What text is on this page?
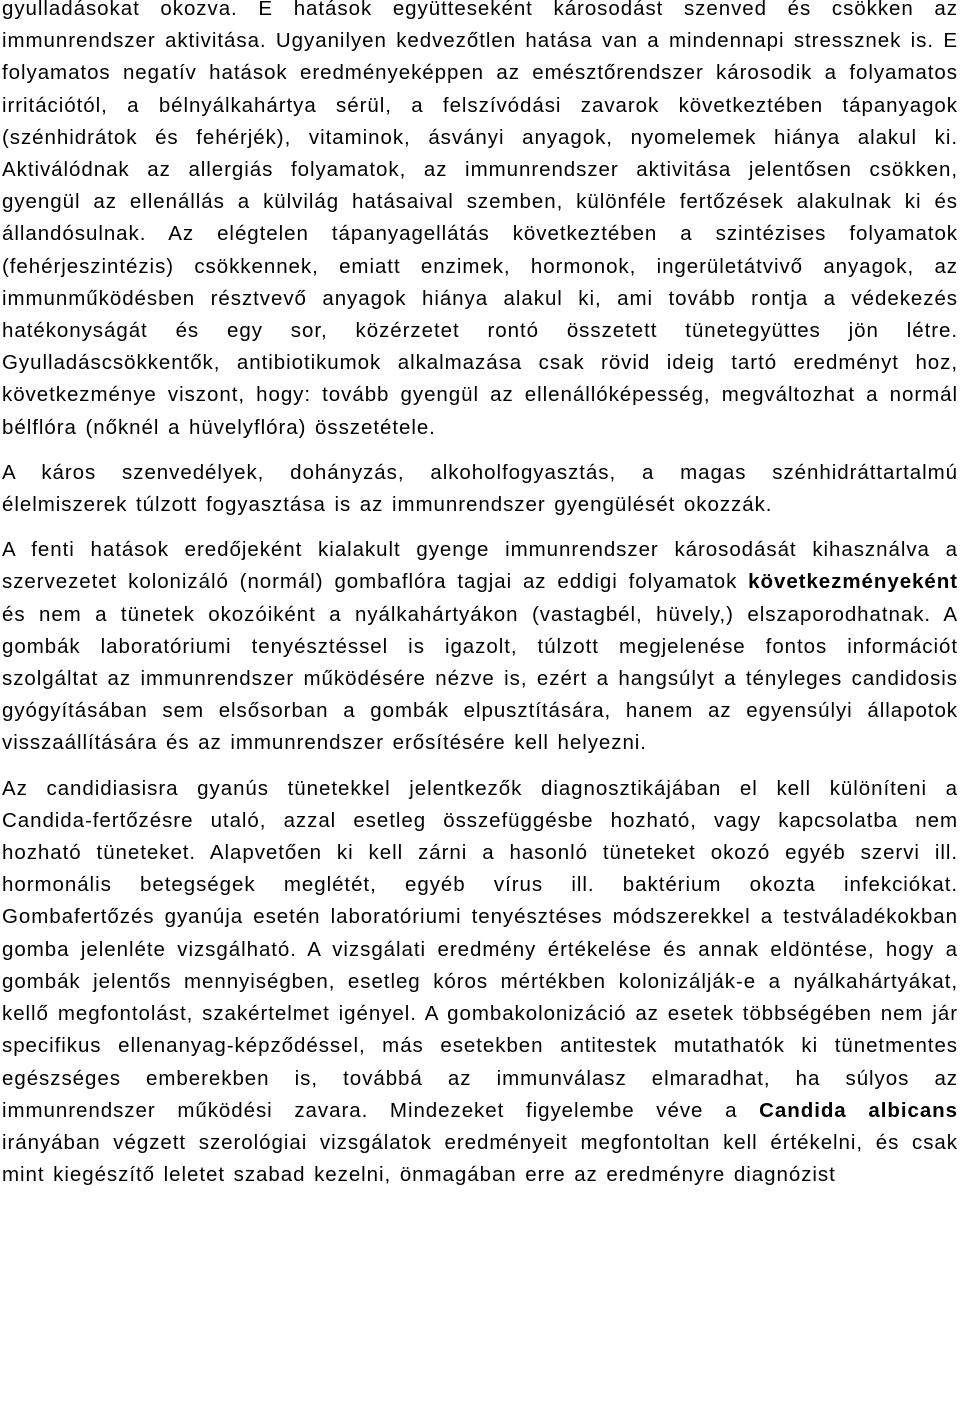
gyulladásokat okozva. E hatások együtteseként károsodást szenved és csökken az immunrendszer aktivitása. Ugyanilyen kedvezőtlen hatása van a mindennapi stressznek is. E folyamatos negatív hatások eredményeképpen az emésztőrendszer károsodik a folyamatos irritációtól, a bélnyálkahártya sérül, a felszívódási zavarok következtében tápanyagok (szénhidrátok és fehérjék), vitaminok, ásványi anyagok, nyomelemek hiánya alakul ki. Aktiválódnak az allergiás folyamatok, az immunrendszer aktivitása jelentősen csökken, gyengül az ellenállás a külvilág hatásaival szemben, különféle fertőzések alakulnak ki és állandósulnak. Az elégtelen tápanyagellátás következtében a szintézises folyamatok (fehérjeszintézis) csökkennek, emiatt enzimek, hormonok, ingerületátvivő anyagok, az immunműködésben résztvevő anyagok hiánya alakul ki, ami tovább rontja a védekezés hatékonyságát és egy sor, közérzetet rontó összetett tünetegyüttes jön létre. Gyulladáscsökkentők, antibiotikumok alkalmazása csak rövid ideig tartó eredményt hoz, következménye viszont, hogy: tovább gyengül az ellenállóképesség, megváltozhat a normál bélflóra (nőknél a hüvelyflóra) összetétele.

A káros szenvedélyek, dohányzás, alkoholfogyasztás, a magas szénhidráttartalmú élelmiszerek túlzott fogyasztása is az immunrendszer gyengülését okozzák.

A fenti hatások eredőjeként kialakult gyenge immunrendszer károsodását kihasználva a szervezetet kolonizáló (normál) gombaflóra tagjai az eddigi folyamatok következményeként és nem a tünetek okozóiként a nyálkahártyákon (vastagbél, hüvely,) elszaporodhatnak. A gombák laboratóriumi tenyésztéssel is igazolt, túlzott megjelenése fontos információt szolgáltat az immunrendszer működésére nézve is, ezért a hangsúlyt a tényleges candidosis gyógyításában sem elsősorban a gombák elpusztítására, hanem az egyensúlyi állapotok visszaállítására és az immunrendszer erősítésére kell helyezni.

Az candidiasisra gyanús tünetekkel jelentkezők diagnosztikájában el kell különíteni a Candida-fertőzésre utaló, azzal esetleg összefüggésbe hozható, vagy kapcsolatba nem hozható tüneteket. Alapvetően ki kell zárni a hasonló tüneteket okozó egyéb szervi ill. hormonális betegségek meglétét, egyéb vírus ill. baktérium okozta infekciókat. Gombafertőzés gyanúja esetén laboratóriumi tenyésztéses módszerekkel a testváladékokban gomba jelenléte vizsgálható. A vizsgálati eredmény értékelése és annak eldöntése, hogy a gombák jelentős mennyiségben, esetleg kóros mértékben kolonizálják-e a nyálkahártyákat, kellő megfontolást, szakértelmet igényel. A gombakolonizáció az esetek többségében nem jár specifikus ellenanyag-képződéssel, más esetekben antitestek mutathatók ki tünetmentes egészséges emberekben is, továbbá az immunválasz elmaradhat, ha súlyos az immunrendszer működési zavara. Mindezeket figyelembe véve a Candida albicans irányában végzett szerológiai vizsgálatok eredményeit megfontoltan kell értékelni, és csak mint kiegészítő leletet szabad kezelni, önmagában erre az eredményre diagnózist
